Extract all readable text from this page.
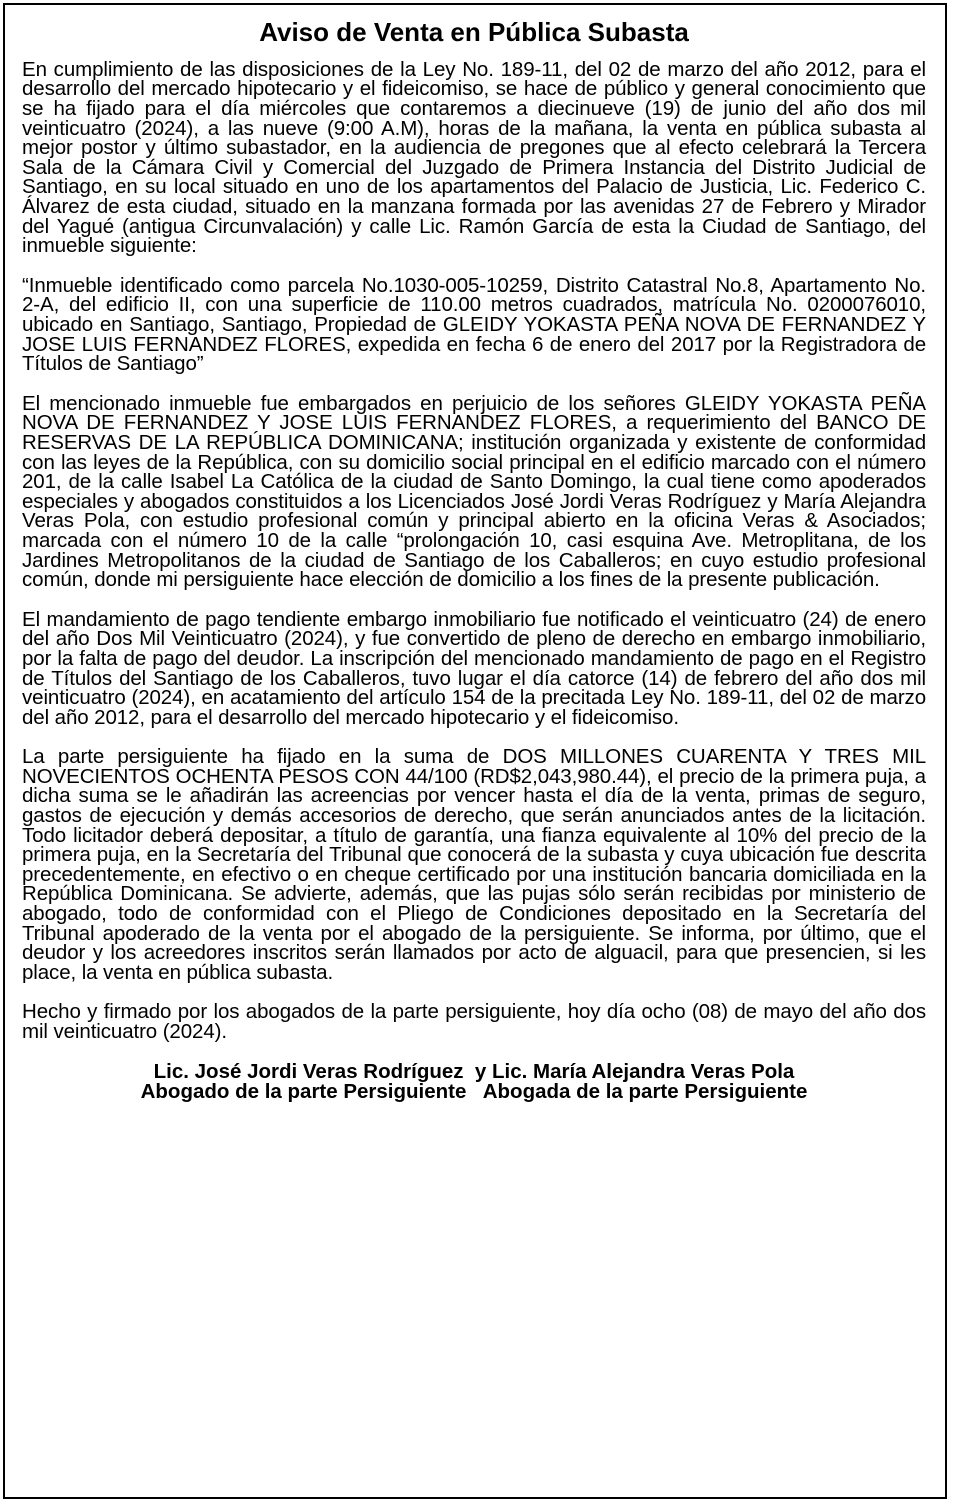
Aviso de Venta en Pública Subasta

En cumplimiento de las disposiciones de la Ley No. 189-11, del 02 de marzo del año 2012, para el desarrollo del mercado hipotecario y el fideicomiso, se hace de público y general conocimiento que se ha fijado para el día miércoles que contaremos a diecinueve (19) de junio del año dos mil veinticuatro (2024), a las nueve (9:00 A.M), horas de la mañana, la venta en pública subasta al mejor postor y último subastador, en la audiencia de pregones que al efecto celebrará la Tercera Sala de la Cámara Civil y Comercial del Juzgado de Primera Instancia del Distrito Judicial de Santiago, en su local situado en uno de los apartamentos del Palacio de Justicia, Lic. Federico C. Álvarez de esta ciudad, situado en la manzana formada por las avenidas 27 de Febrero y Mirador del Yagué (antigua Circunvalación) y calle Lic. Ramón García de esta la Ciudad de Santiago, del inmueble siguiente:

“Inmueble identificado como parcela No.1030-005-10259, Distrito Catastral No.8, Apartamento No. 2-A, del edificio II, con una superficie de 110.00 metros cuadrados, matrícula No. 0200076010, ubicado en Santiago, Santiago, Propiedad de GLEIDY YOKASTA PEÑA NOVA DE FERNANDEZ Y JOSE LUIS FERNANDEZ FLORES, expedida en fecha 6 de enero del 2017 por la Registradora de Títulos de Santiago”

El mencionado inmueble fue embargados en perjuicio de los señores GLEIDY YOKASTA PEÑA NOVA DE FERNANDEZ Y JOSE LUIS FERNANDEZ FLORES, a requerimiento del BANCO DE RESERVAS DE LA REPÚBLICA DOMINICANA; institución organizada y existente de conformidad con las leyes de la República, con su domicilio social principal en el edificio marcado con el número 201, de la calle Isabel La Católica de la ciudad de Santo Domingo, la cual tiene como apoderados especiales y abogados constituidos a los Licenciados José Jordi Veras Rodríguez y María Alejandra Veras Pola, con estudio profesional común y principal abierto en la oficina Veras & Asociados; marcada con el número 10 de la calle “prolongación 10, casi esquina Ave. Metroplitana, de los Jardines Metropolitanos de la ciudad de Santiago de los Caballeros; en cuyo estudio profesional común, donde mi persiguiente hace elección de domicilio a los fines de la presente publicación.

El mandamiento de pago tendiente embargo inmobiliario fue notificado el veinticuatro (24) de enero del año Dos Mil Veinticuatro (2024), y fue convertido de pleno de derecho en embargo inmobiliario, por la falta de pago del deudor. La inscripción del mencionado mandamiento de pago en el Registro de Títulos del Santiago de los Caballeros, tuvo lugar el día catorce (14) de febrero del año dos mil veinticuatro (2024), en acatamiento del artículo 154 de la precitada Ley No. 189-11, del 02 de marzo del año 2012, para el desarrollo del mercado hipotecario y el fideicomiso.

La parte persiguiente ha fijado en la suma de DOS MILLONES CUARENTA Y TRES MIL NOVECIENTOS OCHENTA PESOS CON 44/100 (RD$2,043,980.44), el precio de la primera puja, a dicha suma se le añadirán las acreencias por vencer hasta el día de la venta, primas de seguro, gastos de ejecución y demás accesorios de derecho, que serán anunciados antes de la licitación. Todo licitador deberá depositar, a título de garantía, una fianza equivalente al 10% del precio de la primera puja, en la Secretaría del Tribunal que conocerá de la subasta y cuya ubicación fue descrita precedentemente, en efectivo o en cheque certificado por una institución bancaria domiciliada en la República Dominicana. Se advierte, además, que las pujas sólo serán recibidas por ministerio de abogado, todo de conformidad con el Pliego de Condiciones depositado en la Secretaría del Tribunal apoderado de la venta por el abogado de la persiguiente. Se informa, por último, que el deudor y los acreedores inscritos serán llamados por acto de alguacil, para que presencien, si les place, la venta en pública subasta.

Hecho y firmado por los abogados de la parte persiguiente, hoy día ocho (08) de mayo del año dos mil veinticuatro (2024).

Lic. José Jordi Veras Rodríguez  y Lic. María Alejandra Veras Pola
Abogado de la parte Persiguiente   Abogada de la parte Persiguiente
